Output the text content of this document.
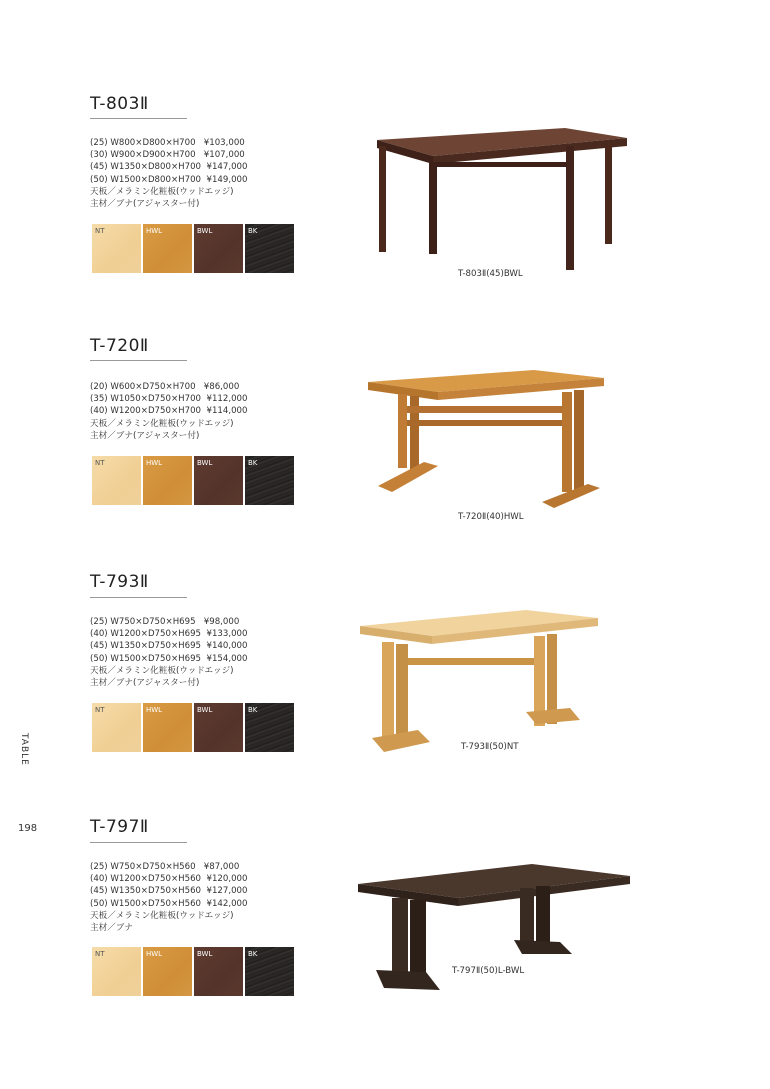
TABLE
198
T-803Ⅱ
(25) W800×D800×H700   ¥103,000
(30) W900×D900×H700   ¥107,000
(45) W1350×D800×H700  ¥147,000
(50) W1500×D800×H700  ¥149,000
天板／メラミン化粧板(ウッドエッジ)
主材／ブナ(アジャスター付)
NT	HWL	BWL	BK
T-803Ⅱ(45)BWL
T-720Ⅱ
(20) W600×D750×H700   ¥86,000
(35) W1050×D750×H700  ¥112,000
(40) W1200×D750×H700  ¥114,000
天板／メラミン化粧板(ウッドエッジ)
主材／ブナ(アジャスター付)
NT	HWL	BWL	BK
T-720Ⅱ(40)HWL
T-793Ⅱ
(25) W750×D750×H695   ¥98,000
(40) W1200×D750×H695  ¥133,000
(45) W1350×D750×H695  ¥140,000
(50) W1500×D750×H695  ¥154,000
天板／メラミン化粧板(ウッドエッジ)
主材／ブナ(アジャスター付)
NT	HWL	BWL	BK
T-793Ⅱ(50)NT
T-797Ⅱ
(25) W750×D750×H560   ¥87,000
(40) W1200×D750×H560  ¥120,000
(45) W1350×D750×H560  ¥127,000
(50) W1500×D750×H560  ¥142,000
天板／メラミン化粧板(ウッドエッジ)
主材／ブナ
NT	HWL	BWL	BK
T-797Ⅱ(50)L-BWL
